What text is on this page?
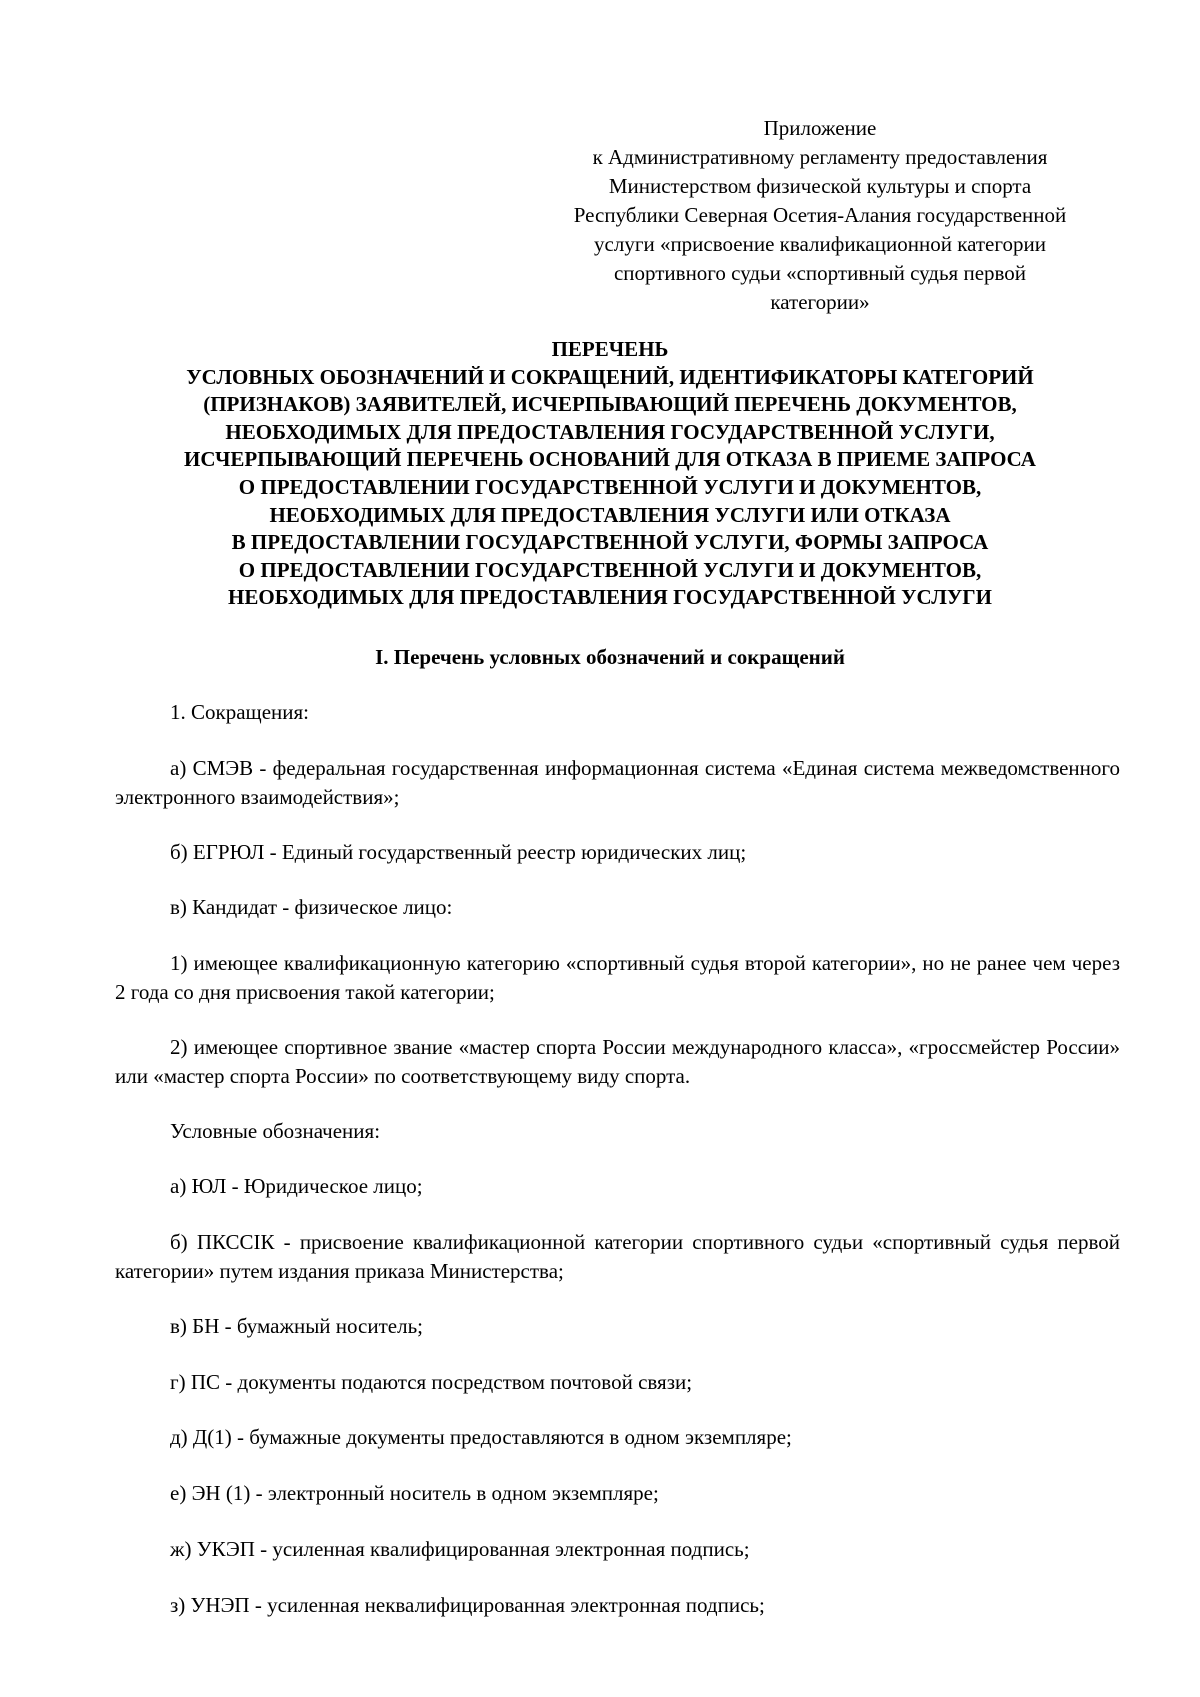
Приложение
к Административному регламенту предоставления
Министерством физической культуры и спорта
Республики Северная Осетия-Алания государственной
услуги «присвоение квалификационной категории
спортивного судьи «спортивный судья первой
категории»
ПЕРЕЧЕНЬ
УСЛОВНЫХ ОБОЗНАЧЕНИЙ И СОКРАЩЕНИЙ, ИДЕНТИФИКАТОРЫ КАТЕГОРИЙ
(ПРИЗНАКОВ) ЗАЯВИТЕЛЕЙ, ИСЧЕРПЫВАЮЩИЙ ПЕРЕЧЕНЬ ДОКУМЕНТОВ,
НЕОБХОДИМЫХ ДЛЯ ПРЕДОСТАВЛЕНИЯ ГОСУДАРСТВЕННОЙ УСЛУГИ,
ИСЧЕРПЫВАЮЩИЙ ПЕРЕЧЕНЬ ОСНОВАНИЙ ДЛЯ ОТКАЗА В ПРИЕМЕ ЗАПРОСА
О ПРЕДОСТАВЛЕНИИ ГОСУДАРСТВЕННОЙ УСЛУГИ И ДОКУМЕНТОВ,
НЕОБХОДИМЫХ ДЛЯ ПРЕДОСТАВЛЕНИЯ УСЛУГИ ИЛИ ОТКАЗА
В ПРЕДОСТАВЛЕНИИ ГОСУДАРСТВЕННОЙ УСЛУГИ, ФОРМЫ ЗАПРОСА
О ПРЕДОСТАВЛЕНИИ ГОСУДАРСТВЕННОЙ УСЛУГИ И ДОКУМЕНТОВ,
НЕОБХОДИМЫХ ДЛЯ ПРЕДОСТАВЛЕНИЯ ГОСУДАРСТВЕННОЙ УСЛУГИ
I. Перечень условных обозначений и сокращений
1. Сокращения:
а) СМЭВ - федеральная государственная информационная система «Единая система межведомственного электронного взаимодействия»;
б) ЕГРЮЛ - Единый государственный реестр юридических лиц;
в) Кандидат - физическое лицо:
1) имеющее квалификационную категорию «спортивный судья второй категории», но не ранее чем через 2 года со дня присвоения такой категории;
2) имеющее спортивное звание «мастер спорта России международного класса», «гроссмейстер России» или «мастер спорта России» по соответствующему виду спорта.
Условные обозначения:
а) ЮЛ - Юридическое лицо;
б) ПКССIК - присвоение квалификационной категории спортивного судьи «спортивный судья первой категории» путем издания приказа Министерства;
в) БН - бумажный носитель;
г) ПС - документы подаются посредством почтовой связи;
д) Д(1) - бумажные документы предоставляются в одном экземпляре;
е) ЭН (1) - электронный носитель в одном экземпляре;
ж) УКЭП - усиленная квалифицированная электронная подпись;
з) УНЭП - усиленная неквалифицированная электронная подпись;
